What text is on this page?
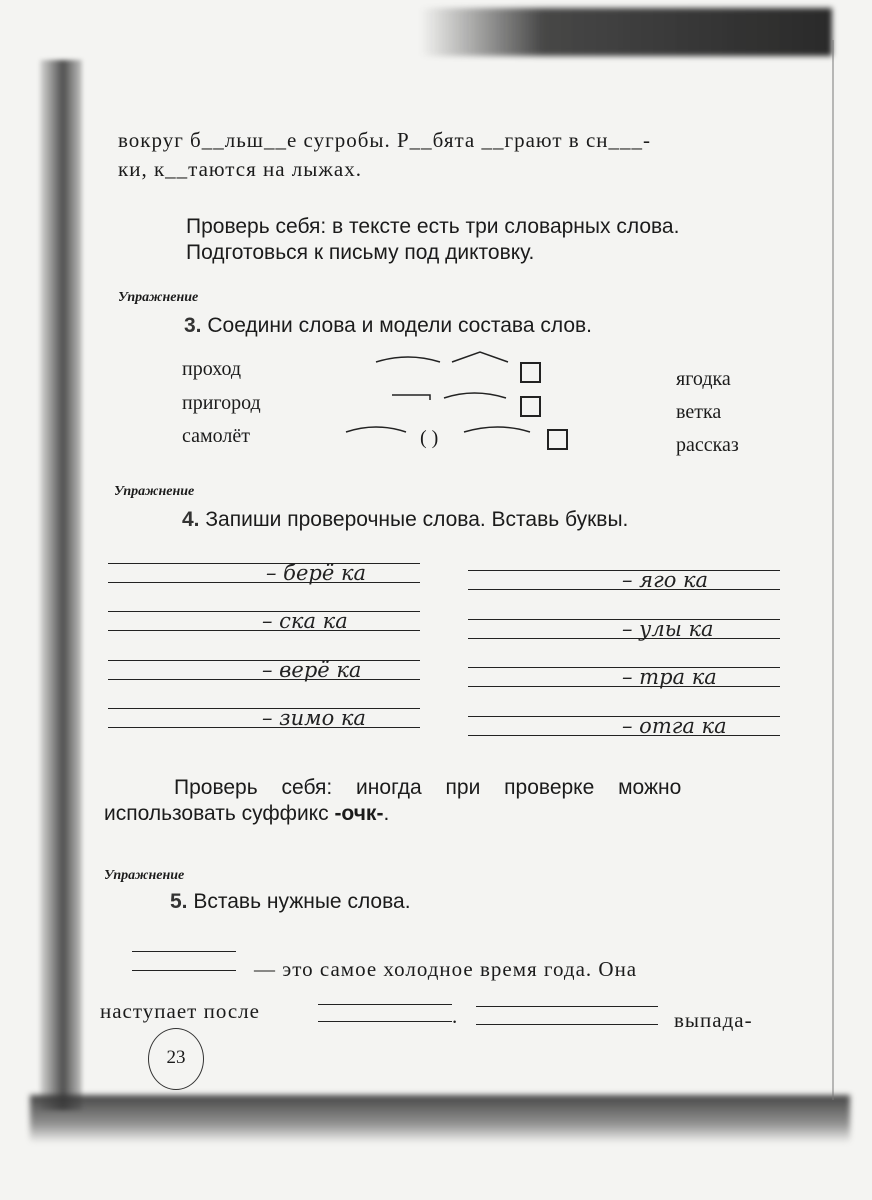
вокруг б__льш__е сугробы. Р__бята __грают в сн___-
ки, к__таются на лыжах.
Проверь себя: в тексте есть три словарных слова.
Подготовься к письму под диктовку.
Упражнение
3. Соедини слова и модели состава слов.
проход
пригород
самолёт	( )
ягодка
ветка
рассказ
Упражнение
4. Запиши проверочные слова. Вставь буквы.
– берё ка
– ска ка
– верё ка
– зимо ка
– яго ка
– улы ка
– тра ка
– отга ка
Проверь себя: иногда при проверке можно
использовать суффикс -очк-.
Упражнение
5. Вставь нужные слова.
— это самое холодное время года. Она
наступает после	.	выпада-
23
